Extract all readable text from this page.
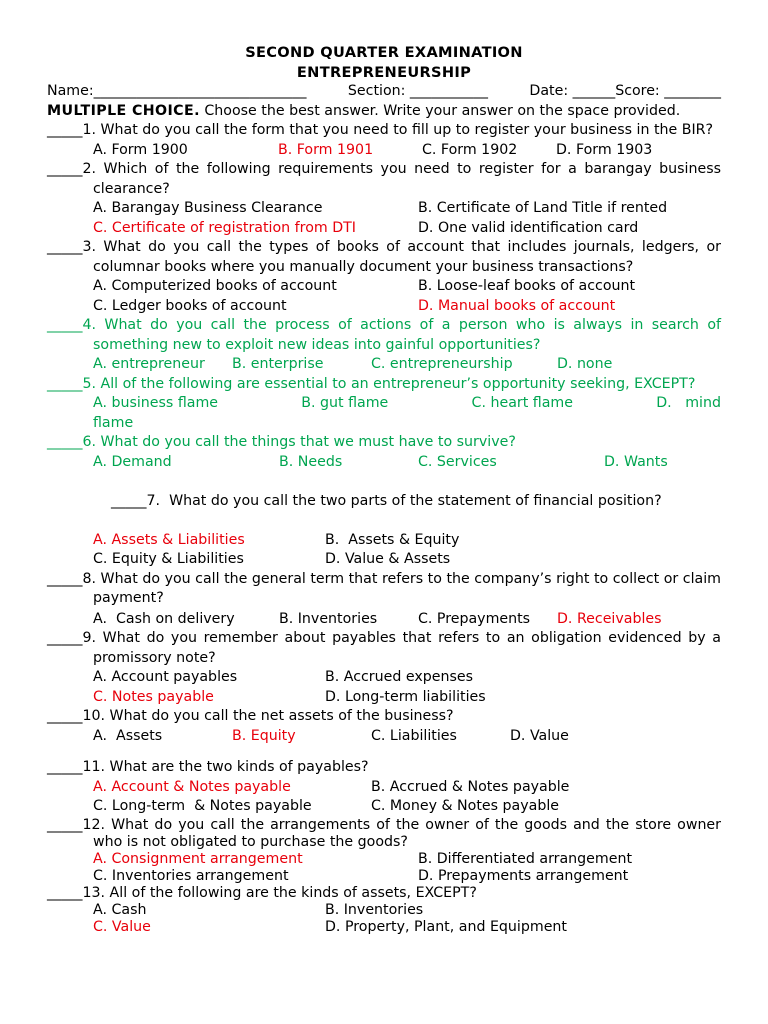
SECOND QUARTER EXAMINATION
ENTREPRENEURSHIP
Name:______________________________	Section: ___________	Date: ______Score: ________
MULTIPLE CHOICE. Choose the best answer. Write your answer on the space provided.
_____1. What do you call the form that you need to fill up to register your business in the BIR?
A. Form 1900	B. Form 1901	C. Form 1902	D. Form 1903
_____2. Which of the following requirements you need to register for a barangay business clearance?
A. Barangay Business Clearance	B. Certificate of Land Title if rented
C. Certificate of registration from DTI	D. One valid identification card
_____3. What do you call the types of books of account that includes journals, ledgers, or columnar books where you manually document your business transactions?
A. Computerized books of account	B. Loose-leaf books of account
C. Ledger books of account	D. Manual books of account
_____4. What do you call the process of actions of a person who is always in search of something new to exploit new ideas into gainful opportunities?
A. entrepreneur	B. enterprise	C. entrepreneurship	D. none
_____5. All of the following are essential to an entrepreneur’s opportunity seeking, EXCEPT?
A. business flame	B. gut flame	C. heart flame	D.   mind
flame
_____6. What do you call the things that we must have to survive?
A. Demand	B. Needs	C. Services	D. Wants

_____7.  What do you call the two parts of the statement of financial position?

A. Assets & Liabilities	B.  Assets & Equity
C. Equity & Liabilities	D. Value & Assets
_____8. What do you call the general term that refers to the company’s right to collect or claim payment?
A.  Cash on delivery	B. Inventories	C. Prepayments	D. Receivables
_____9. What do you remember about payables that refers to an obligation evidenced by a promissory note?
A. Account payables	B. Accrued expenses
C. Notes payable	D. Long-term liabilities
_____10. What do you call the net assets of the business?
A.  Assets	B. Equity	C. Liabilities	D. Value
_____11. What are the two kinds of payables?
A. Account & Notes payable	B. Accrued & Notes payable
C. Long-term  & Notes payable	C. Money & Notes payable
_____12. What do you call the arrangements of the owner of the goods and the store owner who is not obligated to purchase the goods?
A. Consignment arrangement	B. Differentiated arrangement
C. Inventories arrangement	D. Prepayments arrangement
_____13. All of the following are the kinds of assets, EXCEPT?
A. Cash	B. Inventories
C. Value	D. Property, Plant, and Equipment
